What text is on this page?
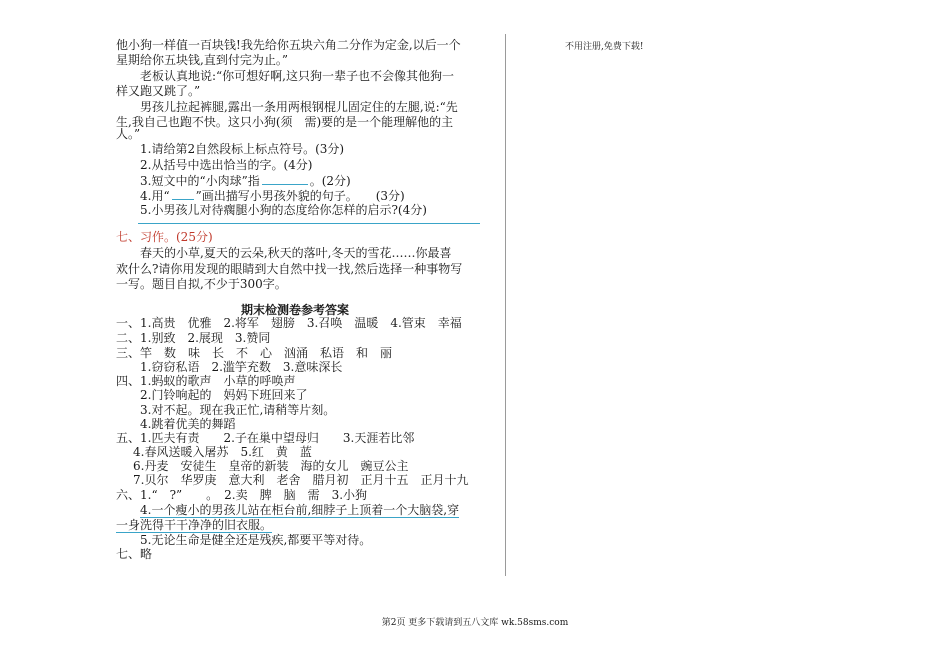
他小狗一样值一百块钱!我先给你五块六角二分作为定金,以后一个
星期给你五块钱,直到付完为止。”
老板认真地说:“你可想好啊,这只狗一辈子也不会像其他狗一
样又跑又跳了。”
男孩儿拉起裤腿,露出一条用两根钢棍儿固定住的左腿,说:“先
生,我自己也跑不快。这只小狗(须　需)要的是一个能理解他的主
人。”
1.请给第2自然段标上标点符号。(3分)
2.从括号中选出恰当的字。(4分)
3.短文中的“小肉球”指	。(2分)
4.用“ ”画出描写小男孩外貌的句子。　　(3分)
5.小男孩儿对待瘸腿小狗的态度给你怎样的启示?(4分)
七、习作。(25分)
春天的小草,夏天的云朵,秋天的落叶,冬天的雪花……你最喜
欢什么?请你用发现的眼睛到大自然中找一找,然后选择一种事物写
一写。题目自拟,不少于300字。
期末检测卷参考答案
一、1.高贵　优雅　2.将军　翅膀　3.召唤　温暖　4.管束　幸福
二、1.别致　2.展现　3.赞同
三、竿　数　味　长　不　心　汹涌　私语　和　丽
1.窃窃私语　2.滥竽充数　3.意味深长
四、1.蚂蚁的歌声　小草的呼唤声
2.门铃响起的　妈妈下班回来了
3.对不起。现在我正忙,请稍等片刻。
4.跳着优美的舞蹈
五、1.匹夫有责　　2.子在巢中望母归　　3.天涯若比邻
4.春风送暖入屠苏　5.红　黄　蓝
6.丹麦　安徒生　皇帝的新装　海的女儿　豌豆公主
7.贝尔　华罗庚　意大利　老舍　腊月初　正月十五　正月十九
六、1.“　?”　　。　2.卖　脾　脑　需　3.小狗
4.一个瘦小的男孩儿站在柜台前,细脖子上顶着一个大脑袋,穿
一身洗得干干净净的旧衣服。
5.无论生命是健全还是残疾,都要平等对待。
七、略
不用注册,免费下载!
第2页 更多下载请到五八文库 wk.58sms.com
